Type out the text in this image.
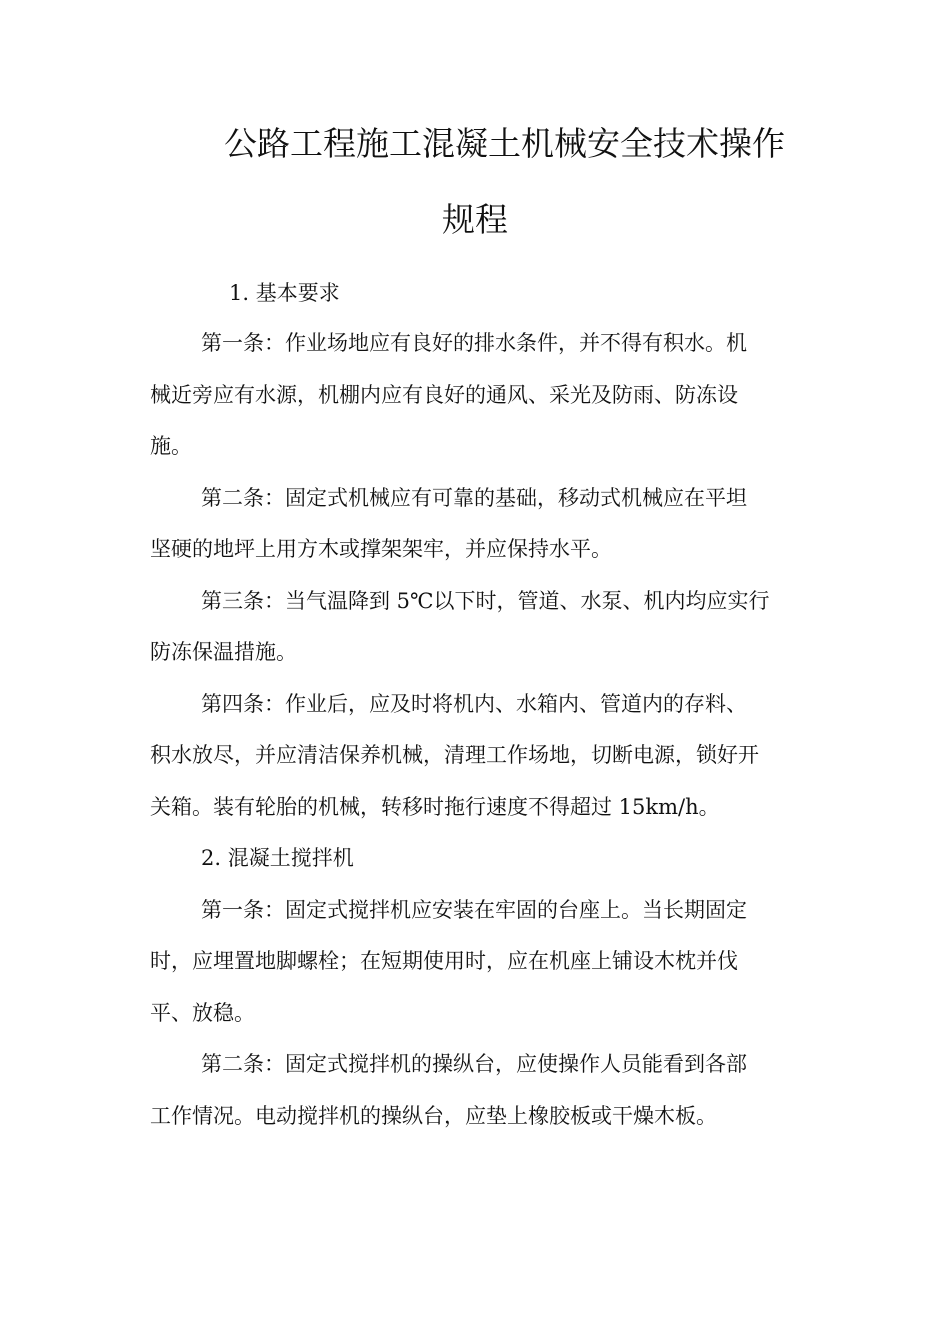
公路工程施工混凝土机械安全技术操作
规程
1. 基本要求
第一条：作业场地应有良好的排水条件，并不得有积水。机
械近旁应有水源，机棚内应有良好的通风、采光及防雨、防冻设
施。
第二条：固定式机械应有可靠的基础，移动式机械应在平坦
坚硬的地坪上用方木或撑架架牢，并应保持水平。
第三条：当气温降到 5℃以下时，管道、水泵、机内均应实行
防冻保温措施。
第四条：作业后，应及时将机内、水箱内、管道内的存料、
积水放尽，并应清洁保养机械，清理工作场地，切断电源，锁好开
关箱。装有轮胎的机械，转移时拖行速度不得超过 15km/h。
2. 混凝土搅拌机
第一条：固定式搅拌机应安装在牢固的台座上。当长期固定
时，应埋置地脚螺栓；在短期使用时，应在机座上铺设木枕并伐
平、放稳。
第二条：固定式搅拌机的操纵台，应使操作人员能看到各部
工作情况。电动搅拌机的操纵台，应垫上橡胶板或干燥木板。
